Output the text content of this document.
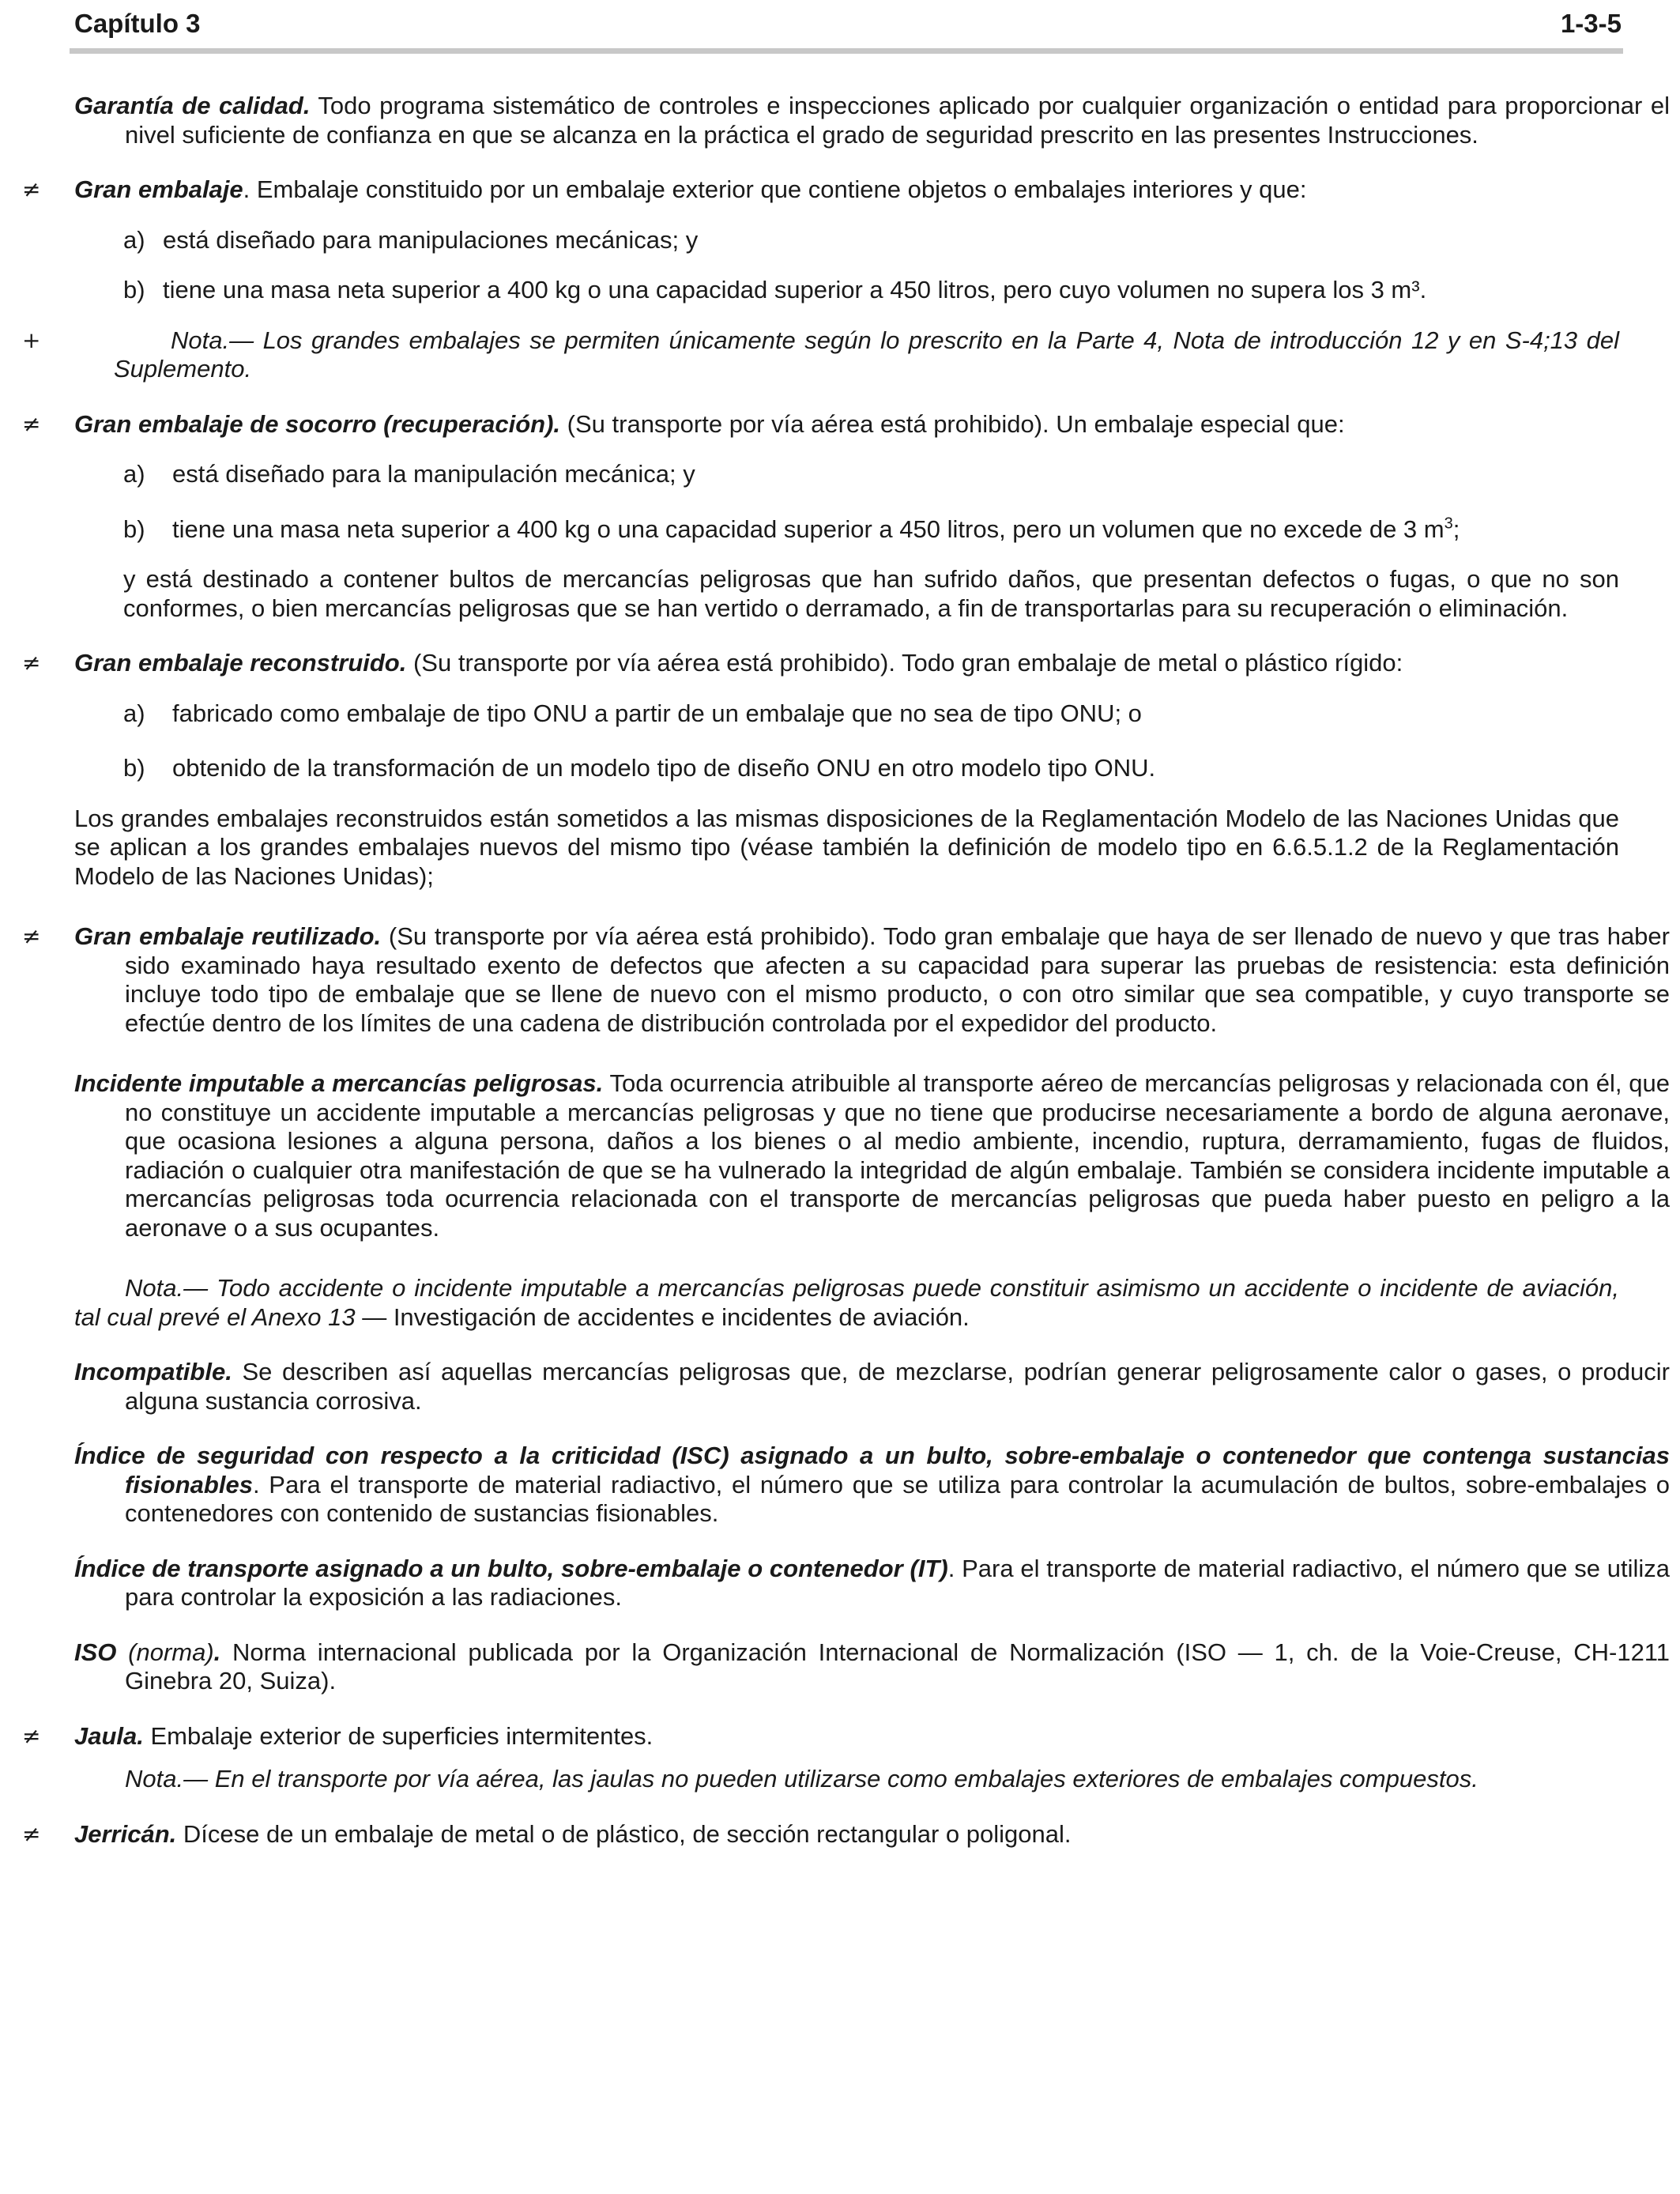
Capítulo 3	1-3-5
Garantía de calidad. Todo programa sistemático de controles e inspecciones aplicado por cualquier organización o entidad para proporcionar el nivel suficiente de confianza en que se alcanza en la práctica el grado de seguridad prescrito en las presentes Instrucciones.
≠ Gran embalaje. Embalaje constituido por un embalaje exterior que contiene objetos o embalajes interiores y que:
a) está diseñado para manipulaciones mecánicas; y
b) tiene una masa neta superior a 400 kg o una capacidad superior a 450 litros, pero cuyo volumen no supera los 3 m³.
+	Nota.— Los grandes embalajes se permiten únicamente según lo prescrito en la Parte 4, Nota de introducción 12 y en S-4;13 del Suplemento.
≠ Gran embalaje de socorro (recuperación). (Su transporte por vía aérea está prohibido). Un embalaje especial que:
a) está diseñado para la manipulación mecánica; y
b) tiene una masa neta superior a 400 kg o una capacidad superior a 450 litros, pero un volumen que no excede de 3 $m^3$;
y está destinado a contener bultos de mercancías peligrosas que han sufrido daños, que presentan defectos o fugas, o que no son conformes, o bien mercancías peligrosas que se han vertido o derramado, a fin de transportarlas para su recuperación o eliminación.
≠ Gran embalaje reconstruido. (Su transporte por vía aérea está prohibido). Todo gran embalaje de metal o plástico rígido:
a) fabricado como embalaje de tipo ONU a partir de un embalaje que no sea de tipo ONU; o
b) obtenido de la transformación de un modelo tipo de diseño ONU en otro modelo tipo ONU.
Los grandes embalajes reconstruidos están sometidos a las mismas disposiciones de la Reglamentación Modelo de las Naciones Unidas que se aplican a los grandes embalajes nuevos del mismo tipo (véase también la definición de modelo tipo en 6.6.5.1.2 de la Reglamentación Modelo de las Naciones Unidas);
≠ Gran embalaje reutilizado. (Su transporte por vía aérea está prohibido). Todo gran embalaje que haya de ser llenado de nuevo y que tras haber sido examinado haya resultado exento de defectos que afecten a su capacidad para superar las pruebas de resistencia: esta definición incluye todo tipo de embalaje que se llene de nuevo con el mismo producto, o con otro similar que sea compatible, y cuyo transporte se efectúe dentro de los límites de una cadena de distribución controlada por el expedidor del producto.
Incidente imputable a mercancías peligrosas. Toda ocurrencia atribuible al transporte aéreo de mercancías peligrosas y relacionada con él, que no constituye un accidente imputable a mercancías peligrosas y que no tiene que producirse necesariamente a bordo de alguna aeronave, que ocasiona lesiones a alguna persona, daños a los bienes o al medio ambiente, incendio, ruptura, derramamiento, fugas de fluidos, radiación o cualquier otra manifestación de que se ha vulnerado la integridad de algún embalaje. También se considera incidente imputable a mercancías peligrosas toda ocurrencia relacionada con el transporte de mercancías peligrosas que pueda haber puesto en peligro a la aeronave o a sus ocupantes.
Nota.— Todo accidente o incidente imputable a mercancías peligrosas puede constituir asimismo un accidente o incidente de aviación, tal cual prevé el Anexo 13 — Investigación de accidentes e incidentes de aviación.
Incompatible. Se describen así aquellas mercancías peligrosas que, de mezclarse, podrían generar peligrosamente calor o gases, o producir alguna sustancia corrosiva.
Índice de seguridad con respecto a la criticidad (ISC) asignado a un bulto, sobre-embalaje o contenedor que contenga sustancias fisionables. Para el transporte de material radiactivo, el número que se utiliza para controlar la acumulación de bultos, sobre-embalajes o contenedores con contenido de sustancias fisionables.
Índice de transporte asignado a un bulto, sobre-embalaje o contenedor (IT). Para el transporte de material radiactivo, el número que se utiliza para controlar la exposición a las radiaciones.
ISO (norma). Norma internacional publicada por la Organización Internacional de Normalización (ISO — 1, ch. de la Voie-Creuse, CH-1211 Ginebra 20, Suiza).
≠ Jaula. Embalaje exterior de superficies intermitentes.
Nota.— En el transporte por vía aérea, las jaulas no pueden utilizarse como embalajes exteriores de embalajes compuestos.
≠ Jerricán. Dícese de un embalaje de metal o de plástico, de sección rectangular o poligonal.
